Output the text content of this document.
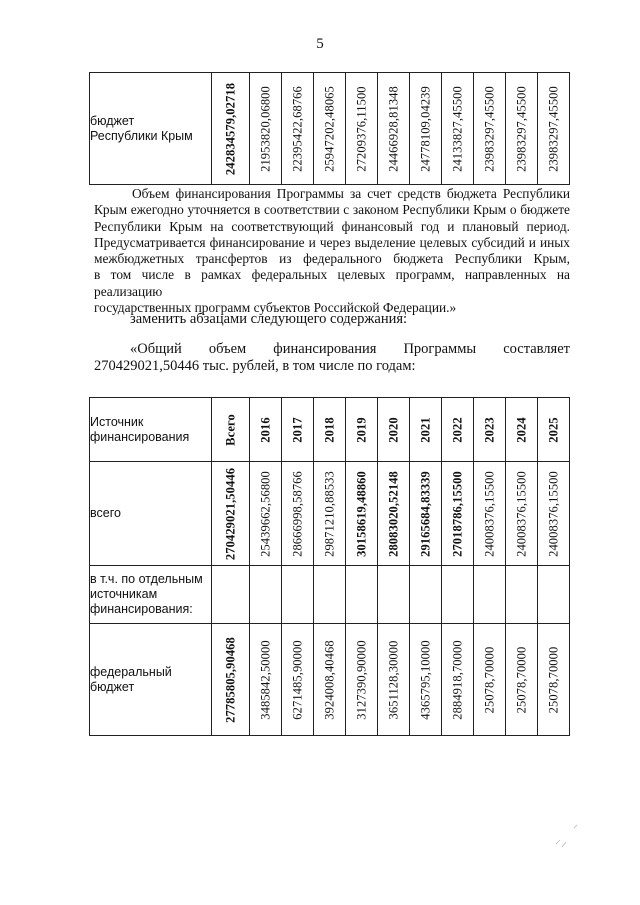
5
бюджет
Республики Крым	242834579,02718	21953820,06800	22395422,68766	25947202,48065	27209376,11500	24466928,81348	24778109,04239	24133827,45500	23983297,45500	23983297,45500	23983297,45500
Объем финансирования Программы за счет средств бюджета Республики
Крым ежегодно уточняется в соответствии с законом Республики Крым о бюджете
Республики Крым на соответствующий финансовый год и плановый период.
Предусматривается финансирование и через выделение целевых субсидий и иных
межбюджетных трансфертов из федерального бюджета Республики Крым,
в том числе в рамках федеральных целевых программ, направленных на реализацию
государственных программ субъектов Российской Федерации.»
заменить абзацами следующего содержания:
«Общий объем финансирования Программы составляет
270429021,50446 тыс. рублей, в том числе по годам:
Источник
финансирования	Всего	2016	2017	2018	2019	2020	2021	2022	2023	2024	2025

всего	270429021,50446	25439662,56800	28666998,58766	29871210,88533	30158619,48860	28083020,52148	29165684,83339	27018786,15500	24008376,15500	24008376,15500	24008376,15500

в т.ч. по отдельным
источникам
финансирования:											

федеральный
бюджет	27785805,90468	3485842,50000	6271485,90000	3924008,40468	3127390,90000	3651128,30000	4365795,10000	2884918,70000	25078,70000	25078,70000	25078,70000
